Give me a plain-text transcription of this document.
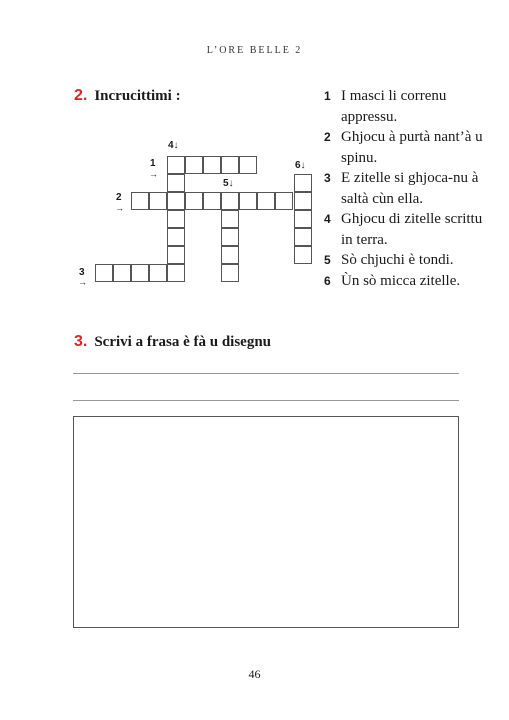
L’ORE BELLE 2
2. Incrucittimi :
4↓
1
→
6↓
5↓
2
→
3
→
1 I masci li correnu appressu.
2 Ghjocu à purtà nant’à u spinu.
3 E zitelle si ghjoca-nu à saltà cùn ella.
4 Ghjocu di zitelle scrittu in terra.
5 Sò chjuchi è tondi.
6 Ùn sò micca zitelle.
3. Scrivi a frasa è fà u disegnu
46
